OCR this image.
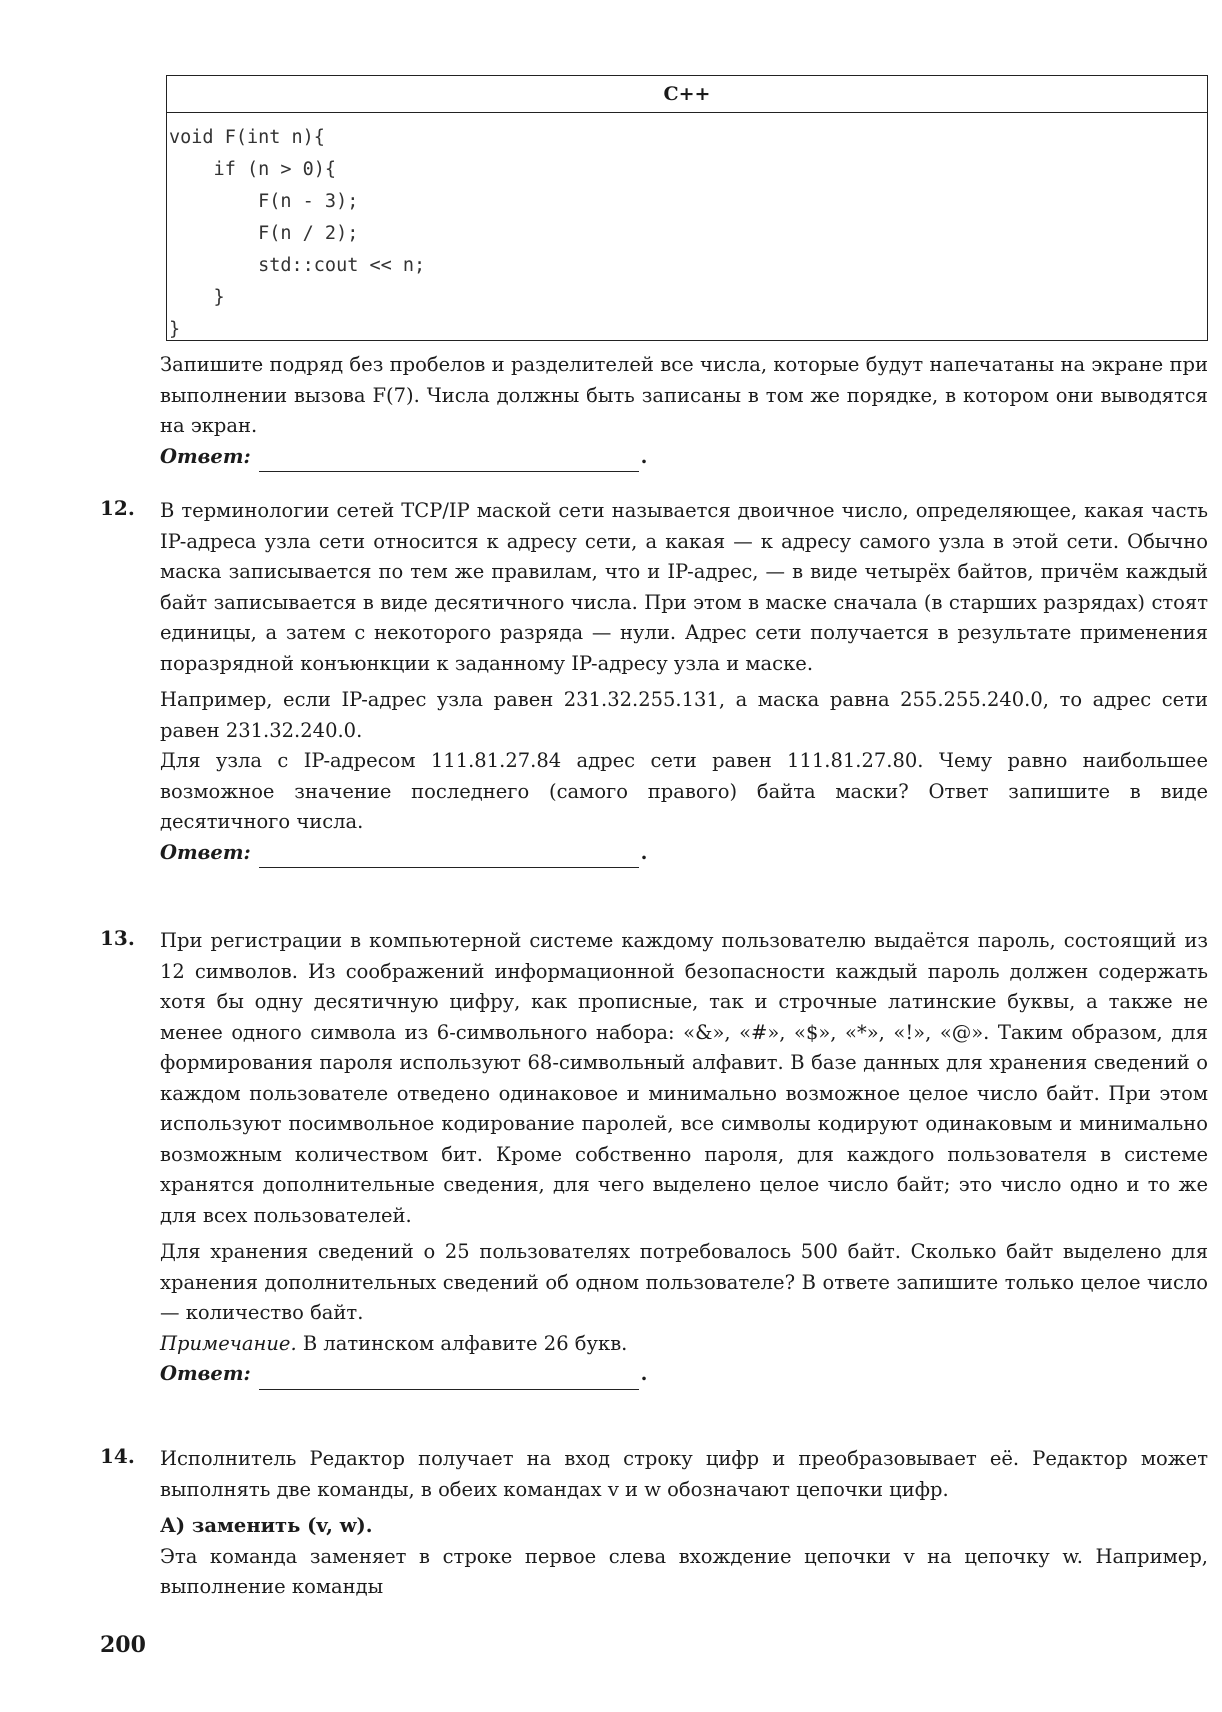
C++
void F(int n){
if (n > 0){
F(n - 3);
F(n / 2);
std::cout << n;
}
}

Запишите подряд без пробелов и разделителей все числа, которые будут напечатаны на экране при выполнении вызова F(7). Числа должны быть записаны в том же порядке, в котором они выводятся на экран.

Ответ:	.
12. В терминологии сетей TCP/IP маской сети называется двоичное число, определяющее, какая часть IP-адреса узла сети относится к адресу сети, а какая — к адресу самого узла в этой сети. Обычно маска записывается по тем же правилам, что и IP-адрес, — в виде четырёх байтов, причём каждый байт записывается в виде десятичного числа. При этом в маске сначала (в старших разрядах) стоят единицы, а затем с некоторого разряда — нули. Адрес сети получается в результате применения поразрядной конъюнкции к заданному IP-адресу узла и маске.

Например, если IP-адрес узла равен 231.32.255.131, а маска равна 255.255.240.0, то адрес сети равен 231.32.240.0.

Для узла с IP-адресом 111.81.27.84 адрес сети равен 111.81.27.80. Чему равно наибольшее возможное значение последнего (самого правого) байта маски? Ответ запишите в виде десятичного числа.

Ответ:	.
13. При регистрации в компьютерной системе каждому пользователю выдаётся пароль, состоящий из 12 символов. Из соображений информационной безопасности каждый пароль должен содержать хотя бы одну десятичную цифру, как прописные, так и строчные латинские буквы, а также не менее одного символа из 6-символьного набора: «&», «#», «$», «*», «!», «@». Таким образом, для формирования пароля используют 68-символьный алфавит. В базе данных для хранения сведений о каждом пользователе отведено одинаковое и минимально возможное целое число байт. При этом используют посимвольное кодирование паролей, все символы кодируют одинаковым и минимально возможным количеством бит. Кроме собственно пароля, для каждого пользователя в системе хранятся дополнительные сведения, для чего выделено целое число байт; это число одно и то же для всех пользователей.

Для хранения сведений о 25 пользователях потребовалось 500 байт. Сколько байт выделено для хранения дополнительных сведений об одном пользователе? В ответе запишите только целое число — количество байт.

Примечание. В латинском алфавите 26 букв.

Ответ:	.
14. Исполнитель Редактор получает на вход строку цифр и преобразовывает её. Редактор может выполнять две команды, в обеих командах v и w обозначают цепочки цифр.

А) заменить (v, w).

Эта команда заменяет в строке первое слева вхождение цепочки v на цепочку w. Например, выполнение команды

200
